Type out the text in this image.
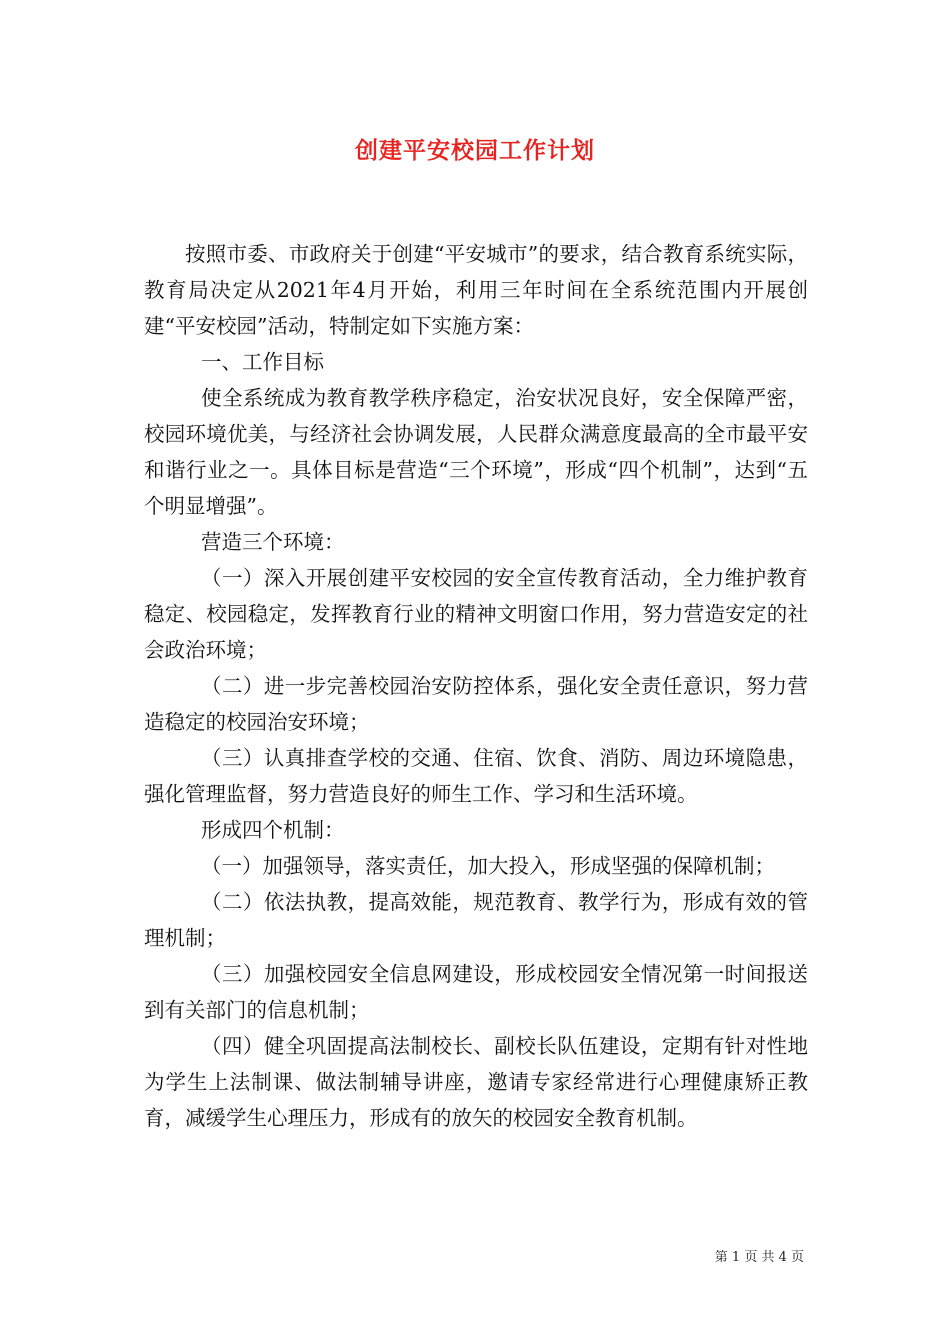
创建平安校园工作计划

按照市委、市政府关于创建“平安城市”的要求，结合教育系统实际，教育局决定从2021年4月开始，利用三年时间在全系统范围内开展创建“平安校园”活动，特制定如下实施方案：

一、工作目标

使全系统成为教育教学秩序稳定，治安状况良好，安全保障严密，校园环境优美，与经济社会协调发展，人民群众满意度最高的全市最平安和谐行业之一。具体目标是营造“三个环境”，形成“四个机制”，达到“五个明显增强”。

营造三个环境：

（一）深入开展创建平安校园的安全宣传教育活动，全力维护教育稳定、校园稳定，发挥教育行业的精神文明窗口作用，努力营造安定的社会政治环境；

（二）进一步完善校园治安防控体系，强化安全责任意识，努力营造稳定的校园治安环境；

（三）认真排查学校的交通、住宿、饮食、消防、周边环境隐患，强化管理监督，努力营造良好的师生工作、学习和生活环境。

形成四个机制：

（一）加强领导，落实责任，加大投入，形成坚强的保障机制；

（二）依法执教，提高效能，规范教育、教学行为，形成有效的管理机制；

（三）加强校园安全信息网建设，形成校园安全情况第一时间报送到有关部门的信息机制；

（四）健全巩固提高法制校长、副校长队伍建设，定期有针对性地为学生上法制课、做法制辅导讲座，邀请专家经常进行心理健康矫正教育，减缓学生心理压力，形成有的放矢的校园安全教育机制。

第 1 页 共 4 页
